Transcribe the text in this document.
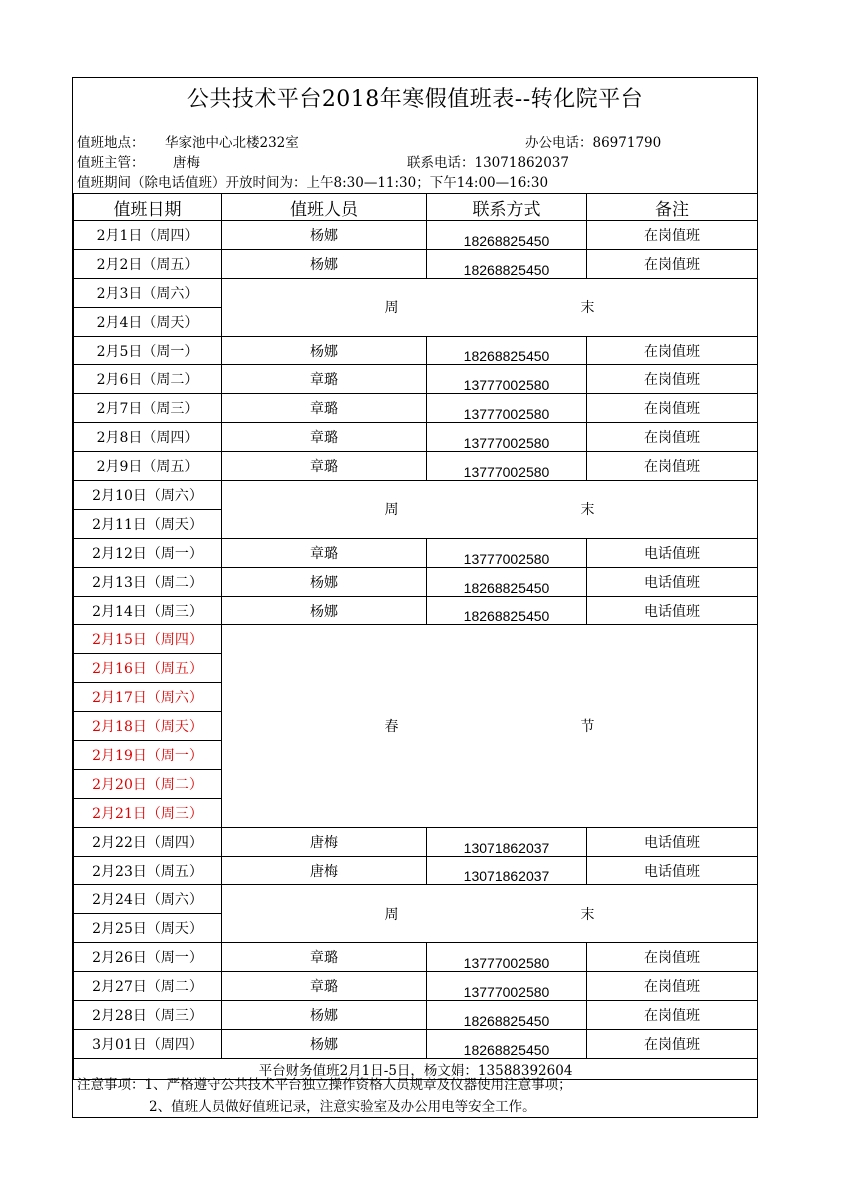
公共技术平台2018年寒假值班表--转化院平台
值班地点： 华家池中心北楼232室	办公电话：86971790
值班主管： 唐梅	联系电话：13071862037
值班期间（除电话值班）开放时间为：上午8:30—11:30；下午14:00—16:30
值班日期	值班人员	联系方式	备注
2月1日（周四）	杨娜	18268825450	在岗值班
2月2日（周五）	杨娜	18268825450	在岗值班
2月3日（周六）	周 末		
2月4日（周天）			
2月5日（周一）	杨娜	18268825450	在岗值班
2月6日（周二）	章璐	13777002580	在岗值班
2月7日（周三）	章璐	13777002580	在岗值班
2月8日（周四）	章璐	13777002580	在岗值班
2月9日（周五）	章璐	13777002580	在岗值班
2月10日（周六）	周 末		
2月11日（周天）			
2月12日（周一）	章璐	13777002580	电话值班
2月13日（周二）	杨娜	18268825450	电话值班
2月14日（周三）	杨娜	18268825450	电话值班
2月15日（周四）	春 节		
2月16日（周五）			
2月17日（周六）			
2月18日（周天）			
2月19日（周一）			
2月20日（周二）			
2月21日（周三）			
2月22日（周四）	唐梅	13071862037	电话值班
2月23日（周五）	唐梅	13071862037	电话值班
2月24日（周六）	周 末		
2月25日（周天）			
2月26日（周一）	章璐	13777002580	在岗值班
2月27日（周二）	章璐	13777002580	在岗值班
2月28日（周三）	杨娜	18268825450	在岗值班
3月01日（周四）	杨娜	18268825450	在岗值班
平台财务值班2月1日-5日，杨文娟：13588392604			
注意事项：1、严格遵守公共技术平台独立操作资格人员规章及仪器使用注意事项；
2、值班人员做好值班记录，注意实验室及办公用电等安全工作。
